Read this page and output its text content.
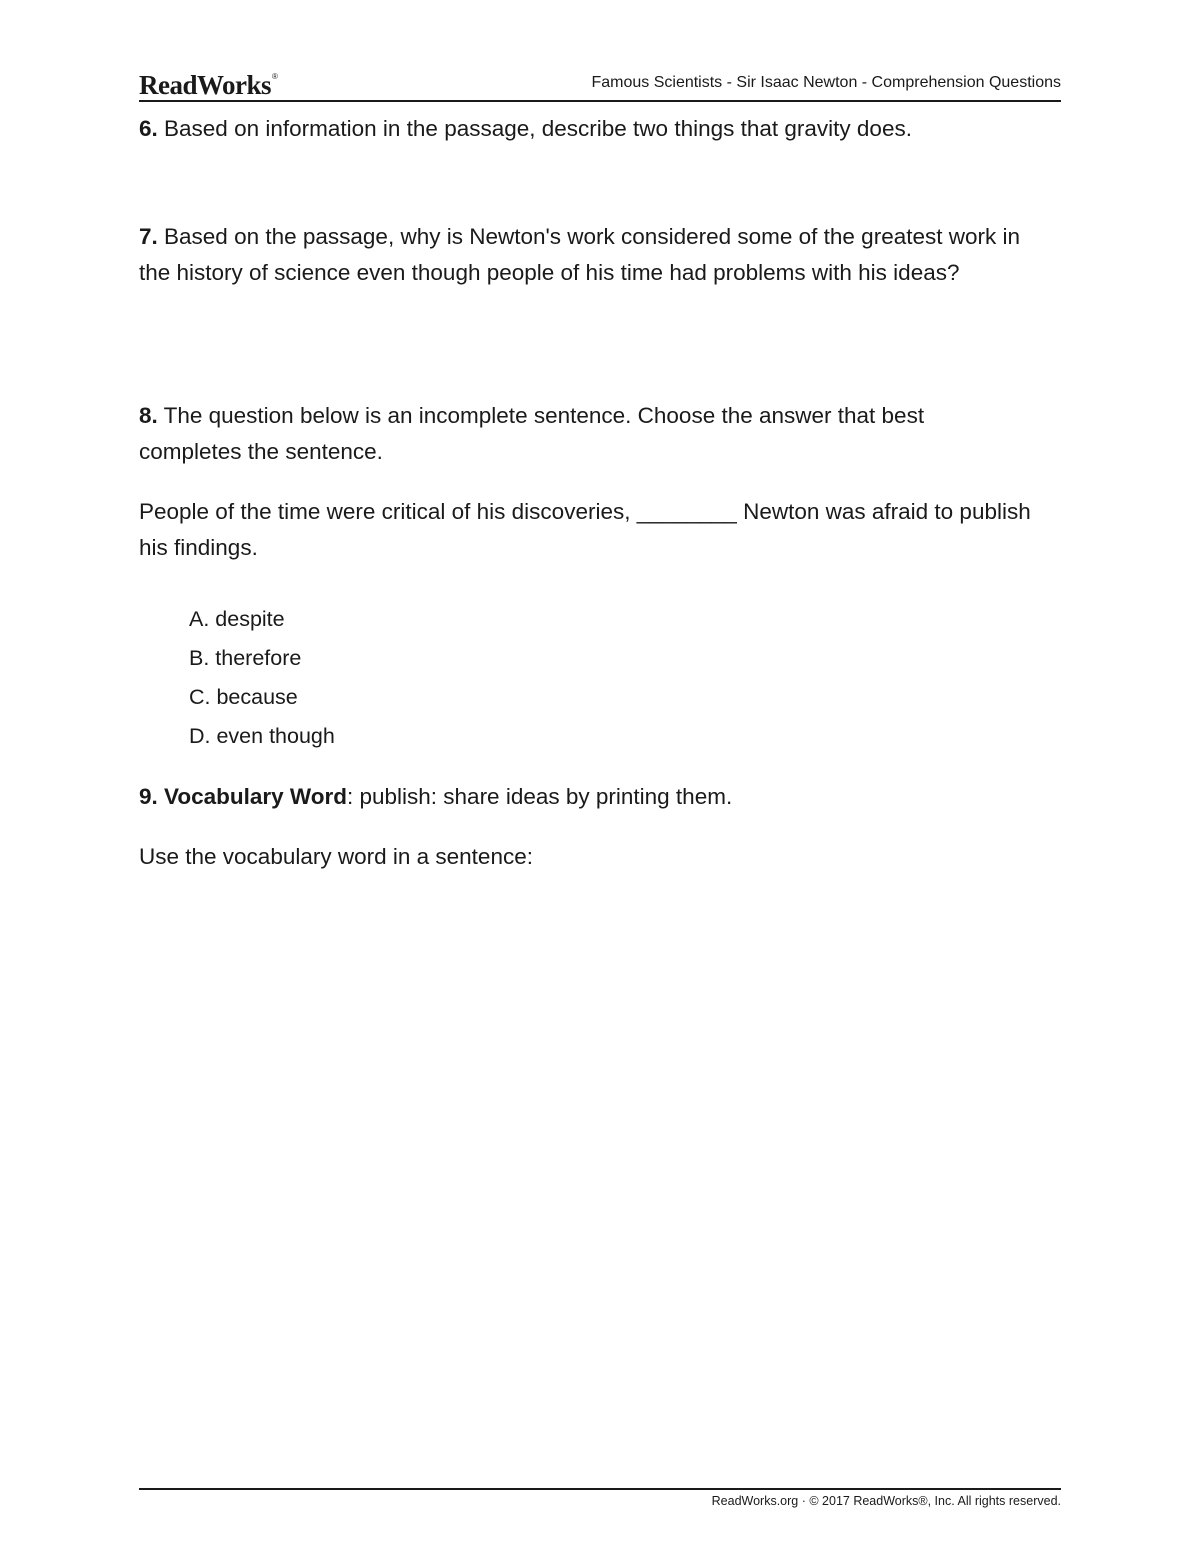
ReadWorks®	Famous Scientists - Sir Isaac Newton - Comprehension Questions
6. Based on information in the passage, describe two things that gravity does.
7. Based on the passage, why is Newton's work considered some of the greatest work in the history of science even though people of his time had problems with his ideas?
8. The question below is an incomplete sentence. Choose the answer that best completes the sentence.
People of the time were critical of his discoveries, ________ Newton was afraid to publish his findings.
A. despite
B. therefore
C. because
D. even though
9. Vocabulary Word: publish: share ideas by printing them.
Use the vocabulary word in a sentence:
ReadWorks.org · © 2017 ReadWorks®, Inc. All rights reserved.
